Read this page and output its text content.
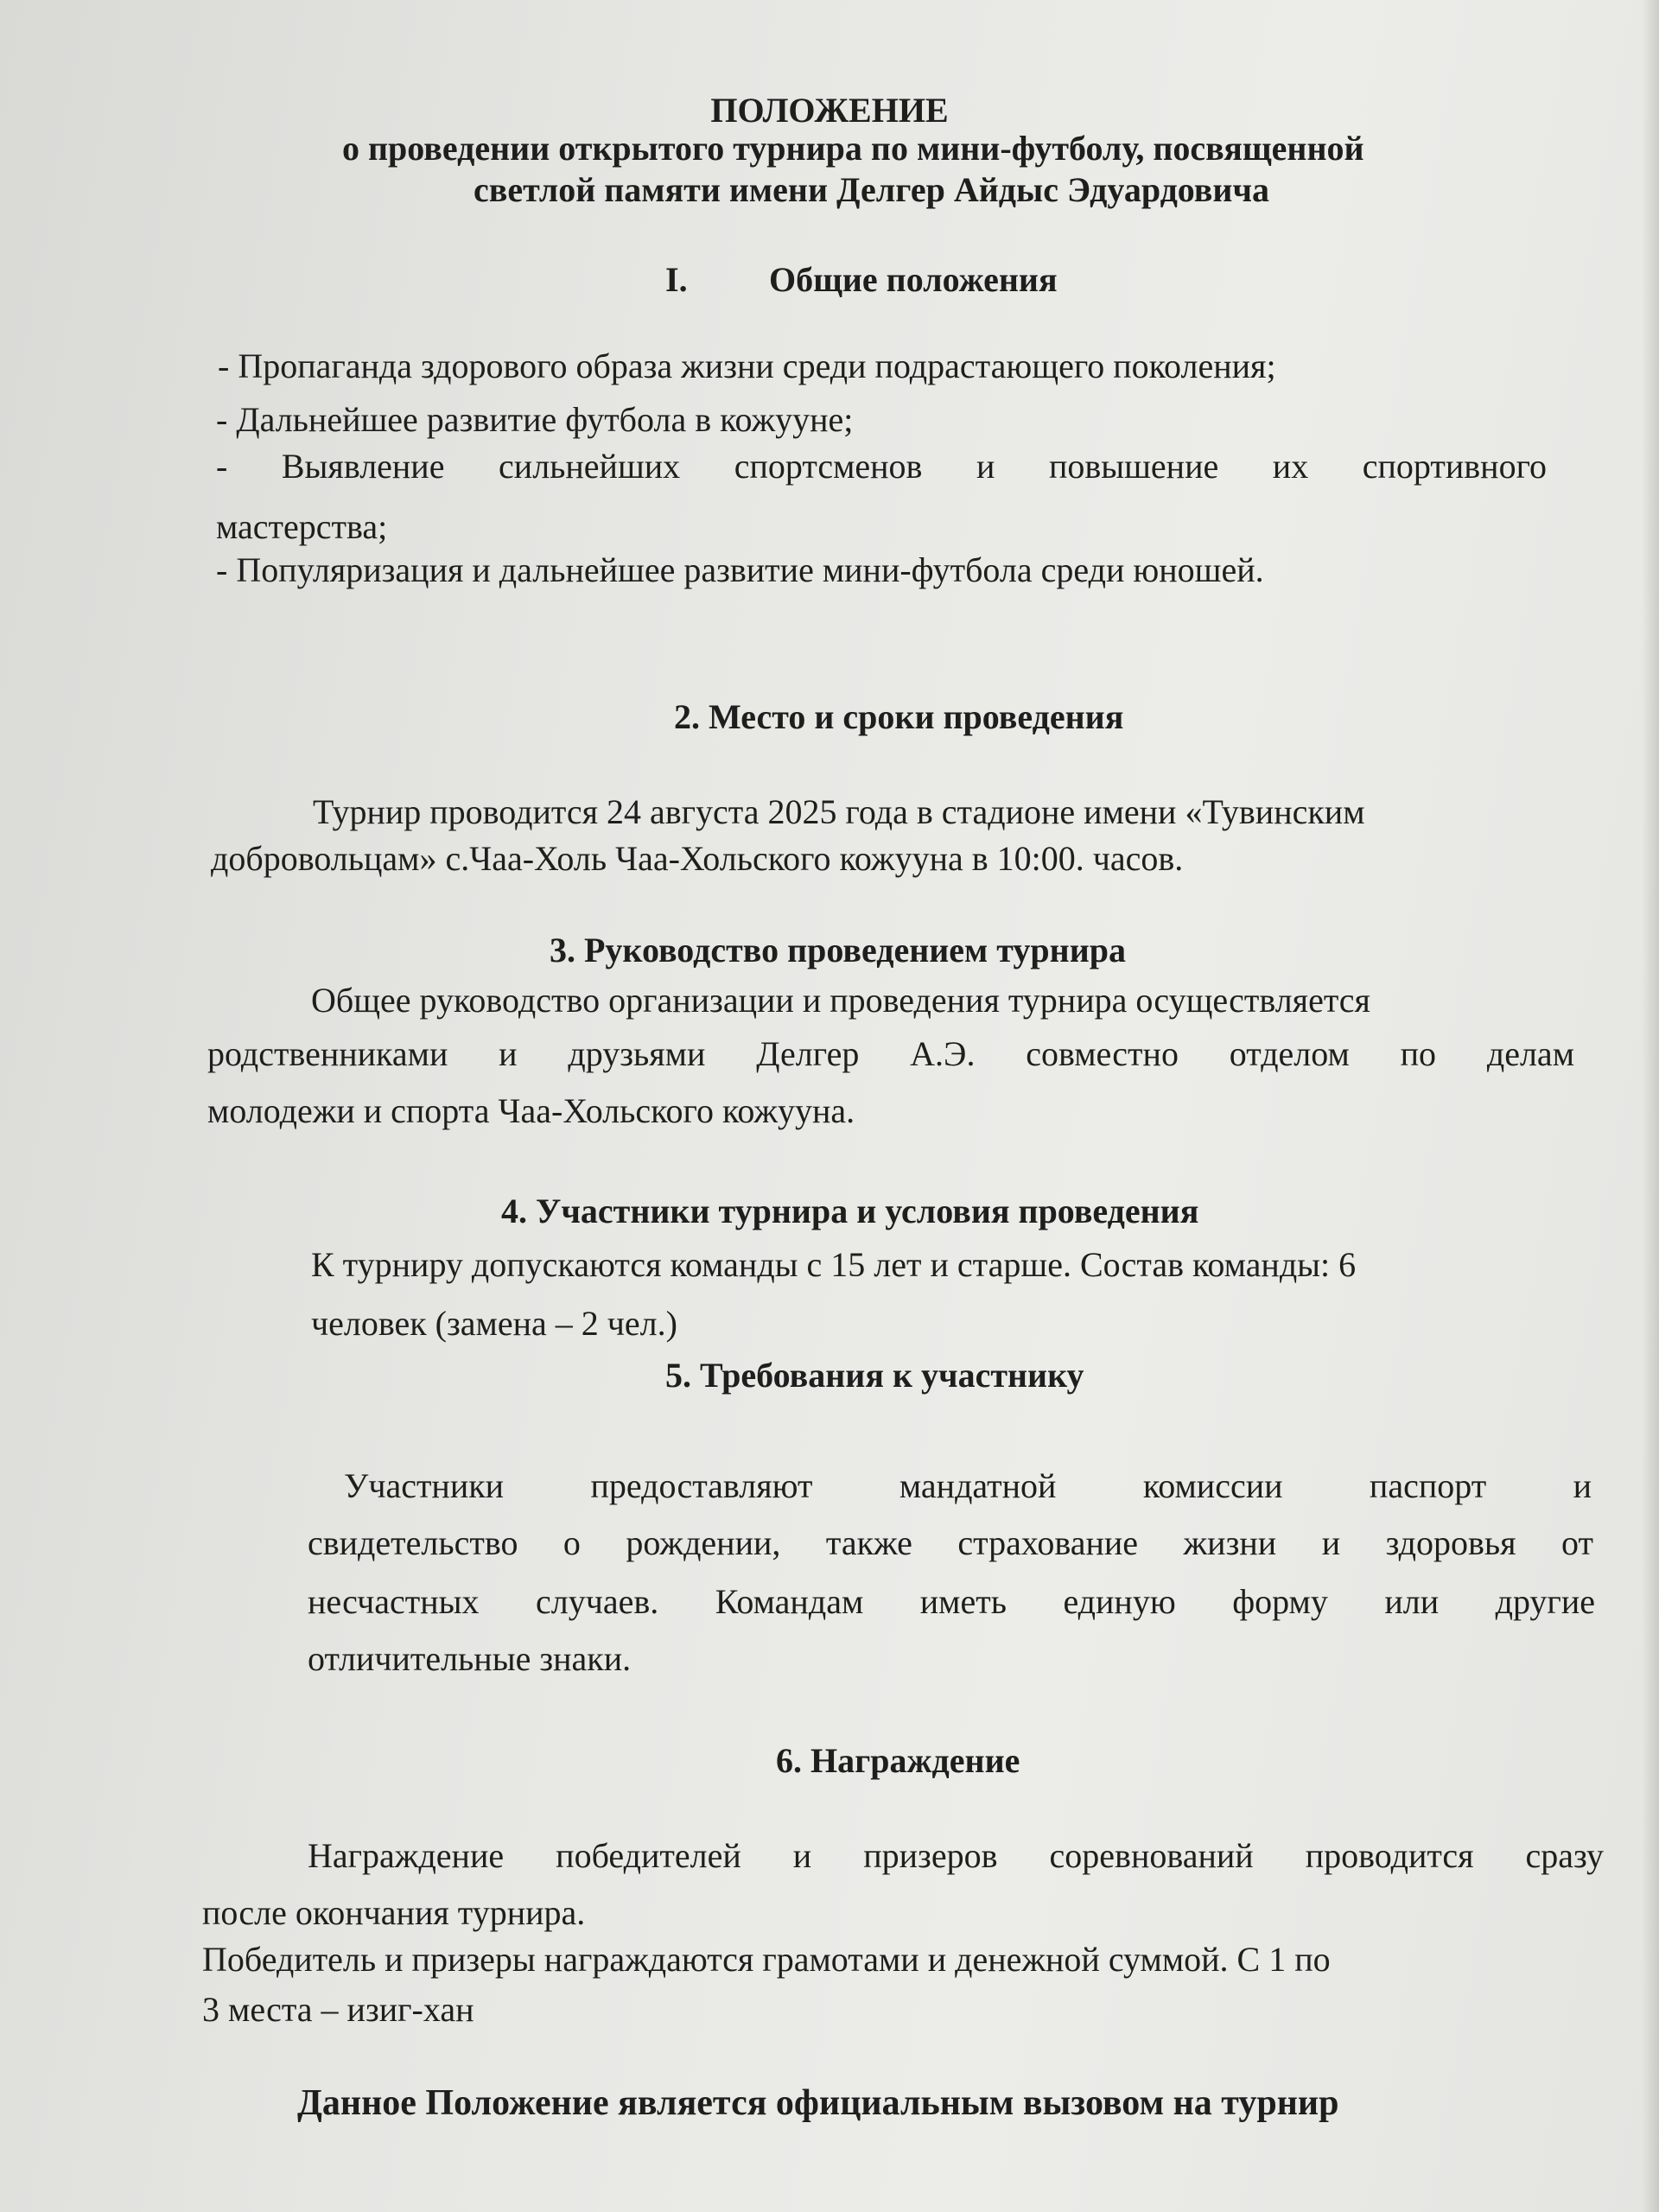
ПОЛОЖЕНИЕ

о проведении открытого турнира по мини-футболу, посвященной

светлой памяти имени Делгер Айдыс Эдуардовича

I. Общие положения

- Пропаганда здорового образа жизни среди подрастающего поколения;

- Дальнейшее развитие футбола в кожууне;

- Выявление сильнейших спортсменов и повышение их спортивного

мастерства;

- Популяризация и дальнейшее развитие мини-футбола среди юношей.

2. Место и сроки проведения

Турнир проводится 24 августа 2025 года в стадионе имени «Тувинским

добровольцам» с.Чаа-Холь Чаа-Хольского кожууна в 10:00. часов.

3. Руководство проведением турнира

Общее руководство организации и проведения турнира осуществляется

родственниками и друзьями Делгер А.Э. совместно отделом по делам

молодежи и спорта Чаа-Хольского кожууна.

4. Участники турнира и условия проведения

К турниру допускаются команды с 15 лет и старше. Состав команды: 6

человек (замена – 2 чел.)

5. Требования к участнику

Участники предоставляют мандатной комиссии паспорт и

свидетельство о рождении, также страхование жизни и здоровья от

несчастных случаев. Командам иметь единую форму или другие

отличительные знаки.

6. Награждение

Награждение победителей и призеров соревнований проводится сразу

после окончания турнира.

Победитель и призеры награждаются грамотами и денежной суммой. С 1 по

3 места – изиг-хан

Данное Положение является официальным вызовом на турнир
